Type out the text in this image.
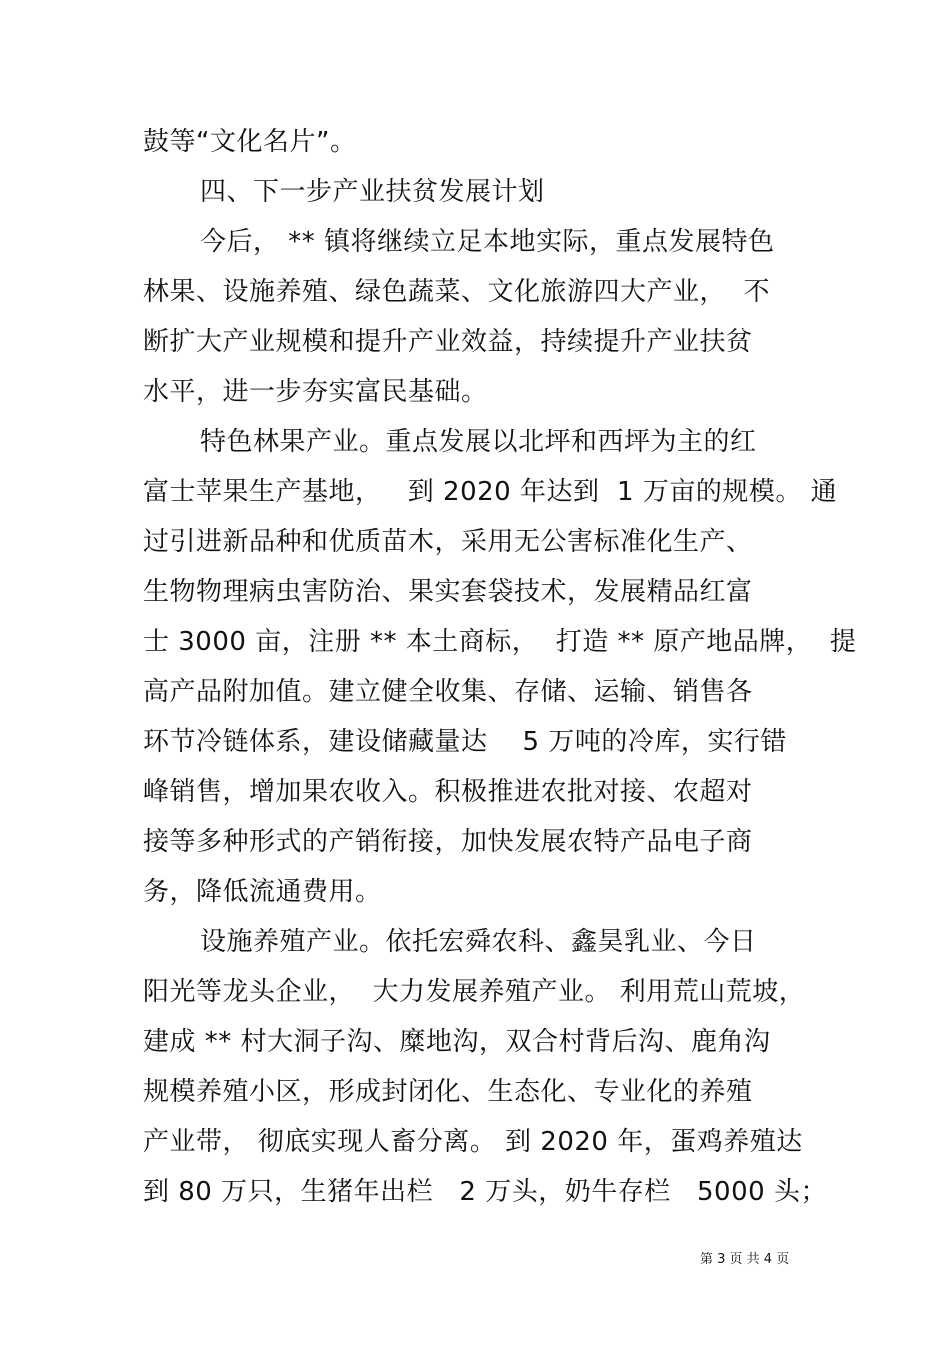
鼓等“文化名片”。
四、下一步产业扶贫发展计划
今后， ** 镇将继续立足本地实际，重点发展特色
林果、设施养殖、绿色蔬菜、文化旅游四大产业，  不
断扩大产业规模和提升产业效益，持续提升产业扶贫
水平，进一步夯实富民基础。
特色林果产业。重点发展以北坪和西坪为主的红
富士苹果生产基地，   到 2020 年达到  1 万亩的规模。 通
过引进新品种和优质苗木，采用无公害标准化生产、
生物物理病虫害防治、果实套袋技术，发展精品红富
士 3000 亩，注册 ** 本土商标，  打造 ** 原产地品牌，  提
高产品附加值。建立健全收集、存储、运输、销售各
环节冷链体系，建设储藏量达    5 万吨的冷库，实行错
峰销售，增加果农收入。积极推进农批对接、农超对
接等多种形式的产销衔接，加快发展农特产品电子商
务，降低流通费用。
设施养殖产业。依托宏舜农科、鑫昊乳业、今日
阳光等龙头企业，  大力发展养殖产业。 利用荒山荒坡，
建成 ** 村大洞子沟、糜地沟，双合村背后沟、鹿角沟
规模养殖小区，形成封闭化、生态化、专业化的养殖
产业带， 彻底实现人畜分离。 到 2020 年，蛋鸡养殖达
到 80 万只，生猪年出栏   2 万头，奶牛存栏   5000 头；
第 3 页 共 4 页
